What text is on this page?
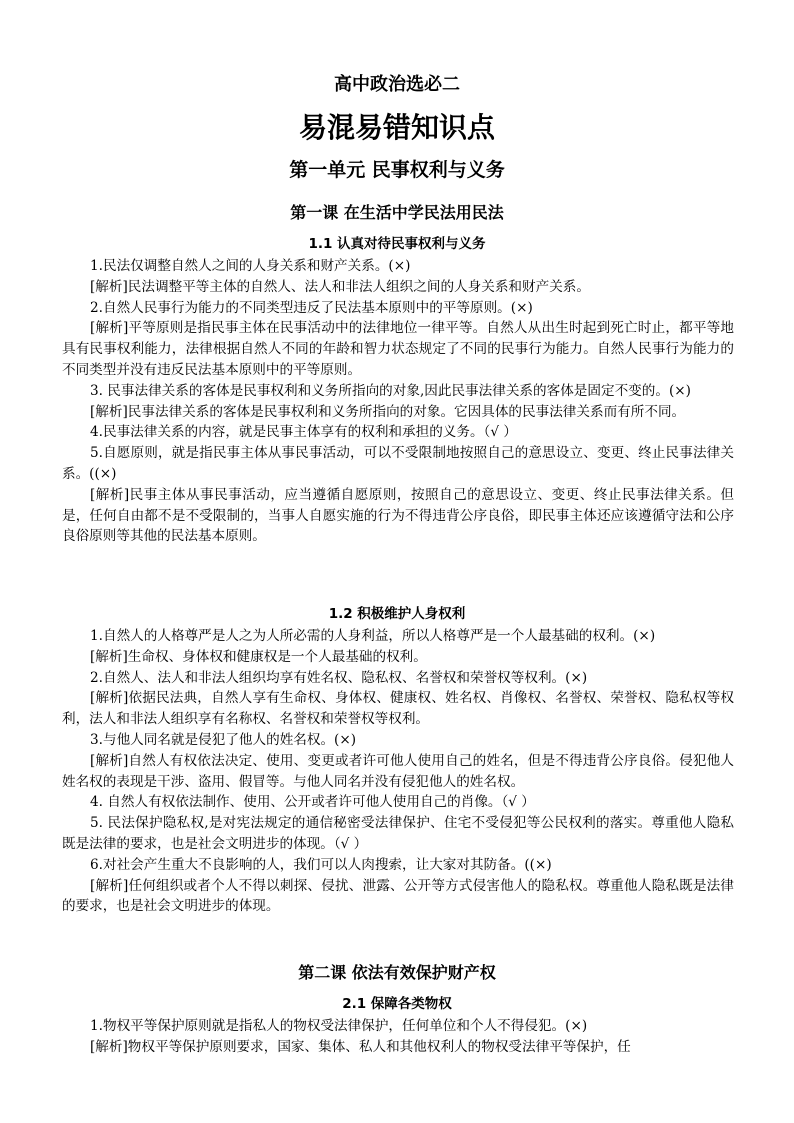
高中政治选必二
易混易错知识点
第一单元 民事权利与义务
第一课 在生活中学民法用民法
1.1 认真对待民事权利与义务

1.民法仅调整自然人之间的人身关系和财产关系。(×)

[解析]民法调整平等主体的自然人、法人和非法人组织之间的人身关系和财产关系。

2.自然人民事行为能力的不同类型违反了民法基本原则中的平等原则。(×)

[解析]平等原则是指民事主体在民事活动中的法律地位一律平等。自然人从出生时起到死亡时止，都平等地具有民事权利能力，法律根据自然人不同的年龄和智力状态规定了不同的民事行为能力。自然人民事行为能力的不同类型并没有违反民法基本原则中的平等原则。

3. 民事法律关系的客体是民事权利和义务所指向的对象,因此民事法律关系的客体是固定不变的。(×)

[解析]民事法律关系的客体是民事权利和义务所指向的对象。它因具体的民事法律关系而有所不同。

4.民事法律关系的内容，就是民事主体享有的权利和承担的义务。（√ ）

5.自愿原则，就是指民事主体从事民事活动，可以不受限制地按照自己的意思设立、变更、终止民事法律关系。((×)

[解析]民事主体从事民事活动，应当遵循自愿原则，按照自己的意思设立、变更、终止民事法律关系。但是，任何自由都不是不受限制的，当事人自愿实施的行为不得违背公序良俗，即民事主体还应该遵循守法和公序良俗原则等其他的民法基本原则。

1.2 积极维护人身权利

1.自然人的人格尊严是人之为人所必需的人身利益，所以人格尊严是一个人最基础的权利。(×)

[解析]生命权、身体权和健康权是一个人最基础的权利。

2.自然人、法人和非法人组织均享有姓名权、隐私权、名誉权和荣誉权等权利。(×)

[解析]依据民法典，自然人享有生命权、身体权、健康权、姓名权、肖像权、名誉权、荣誉权、隐私权等权利，法人和非法人组织享有名称权、名誉权和荣誉权等权利。

3.与他人同名就是侵犯了他人的姓名权。(×)

[解析]自然人有权依法决定、使用、变更或者许可他人使用自己的姓名，但是不得违背公序良俗。侵犯他人姓名权的表现是干涉、盗用、假冒等。与他人同名并没有侵犯他人的姓名权。

4. 自然人有权依法制作、使用、公开或者许可他人使用自己的肖像。（√ ）

5. 民法保护隐私权,是对宪法规定的通信秘密受法律保护、住宅不受侵犯等公民权利的落实。尊重他人隐私既是法律的要求，也是社会文明进步的体现。（√ ）

6.对社会产生重大不良影响的人，我们可以人肉搜索，让大家对其防备。((×)

[解析]任何组织或者个人不得以刺探、侵扰、泄露、公开等方式侵害他人的隐私权。尊重他人隐私既是法律的要求，也是社会文明进步的体现。

第二课 依法有效保护财产权
2.1 保障各类物权

1.物权平等保护原则就是指私人的物权受法律保护，任何单位和个人不得侵犯。(×)

[解析]物权平等保护原则要求，国家、集体、私人和其他权利人的物权受法律平等保护，任
